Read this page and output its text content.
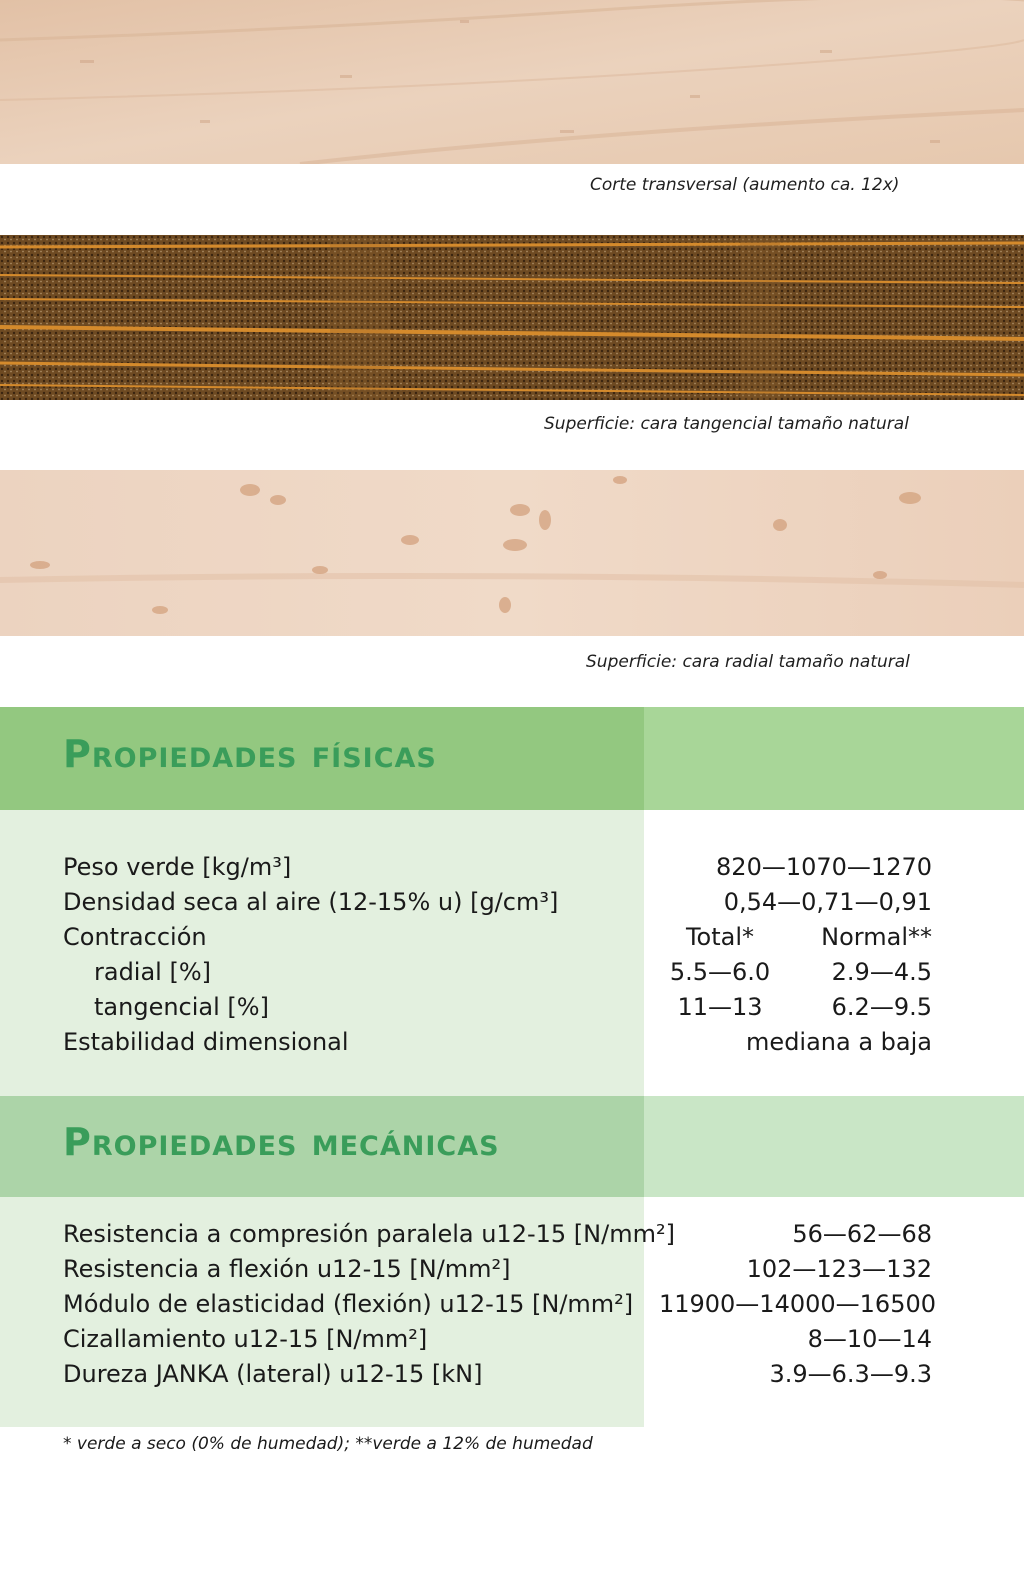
Corte transversal (aumento ca. 12x)
Superficie: cara tangencial tamaño natural
Superficie: cara radial tamaño natural
Propiedades físicas
Peso verde [kg/m³]	820—1070—1270
Densidad seca al aire (12-15% u) [g/cm³]	0,54—0,71—0,91
Contracción	Total*	Normal**
radial [%]	5.5—6.0	2.9—4.5
tangencial [%]	11—13	6.2—9.5
Estabilidad dimensional	mediana a baja
Propiedades mecánicas
Resistencia a compresión paralela u12-15 [N/mm²]	56—62—68
Resistencia a flexión u12-15 [N/mm²]	102—123—132
Módulo de elasticidad (flexión) u12-15 [N/mm²] 11900—14000—16500
Cizallamiento u12-15 [N/mm²]	8—10—14
Dureza JANKA (lateral) u12-15 [kN]	3.9—6.3—9.3
* verde a seco (0% de humedad); **verde a 12% de humedad
